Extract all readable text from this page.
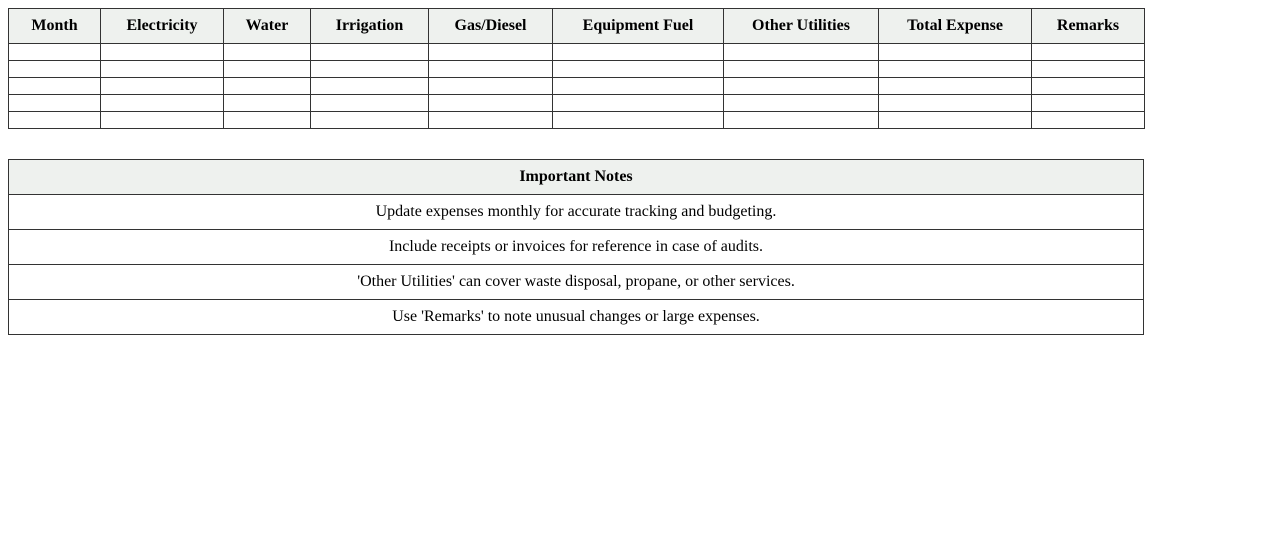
Month	Electricity	Water	Irrigation	Gas/Diesel	Equipment Fuel	Other Utilities	Total Expense	Remarks

Important Notes
Update expenses monthly for accurate tracking and budgeting.
Include receipts or invoices for reference in case of audits.
'Other Utilities' can cover waste disposal, propane, or other services.
Use 'Remarks' to note unusual changes or large expenses.
